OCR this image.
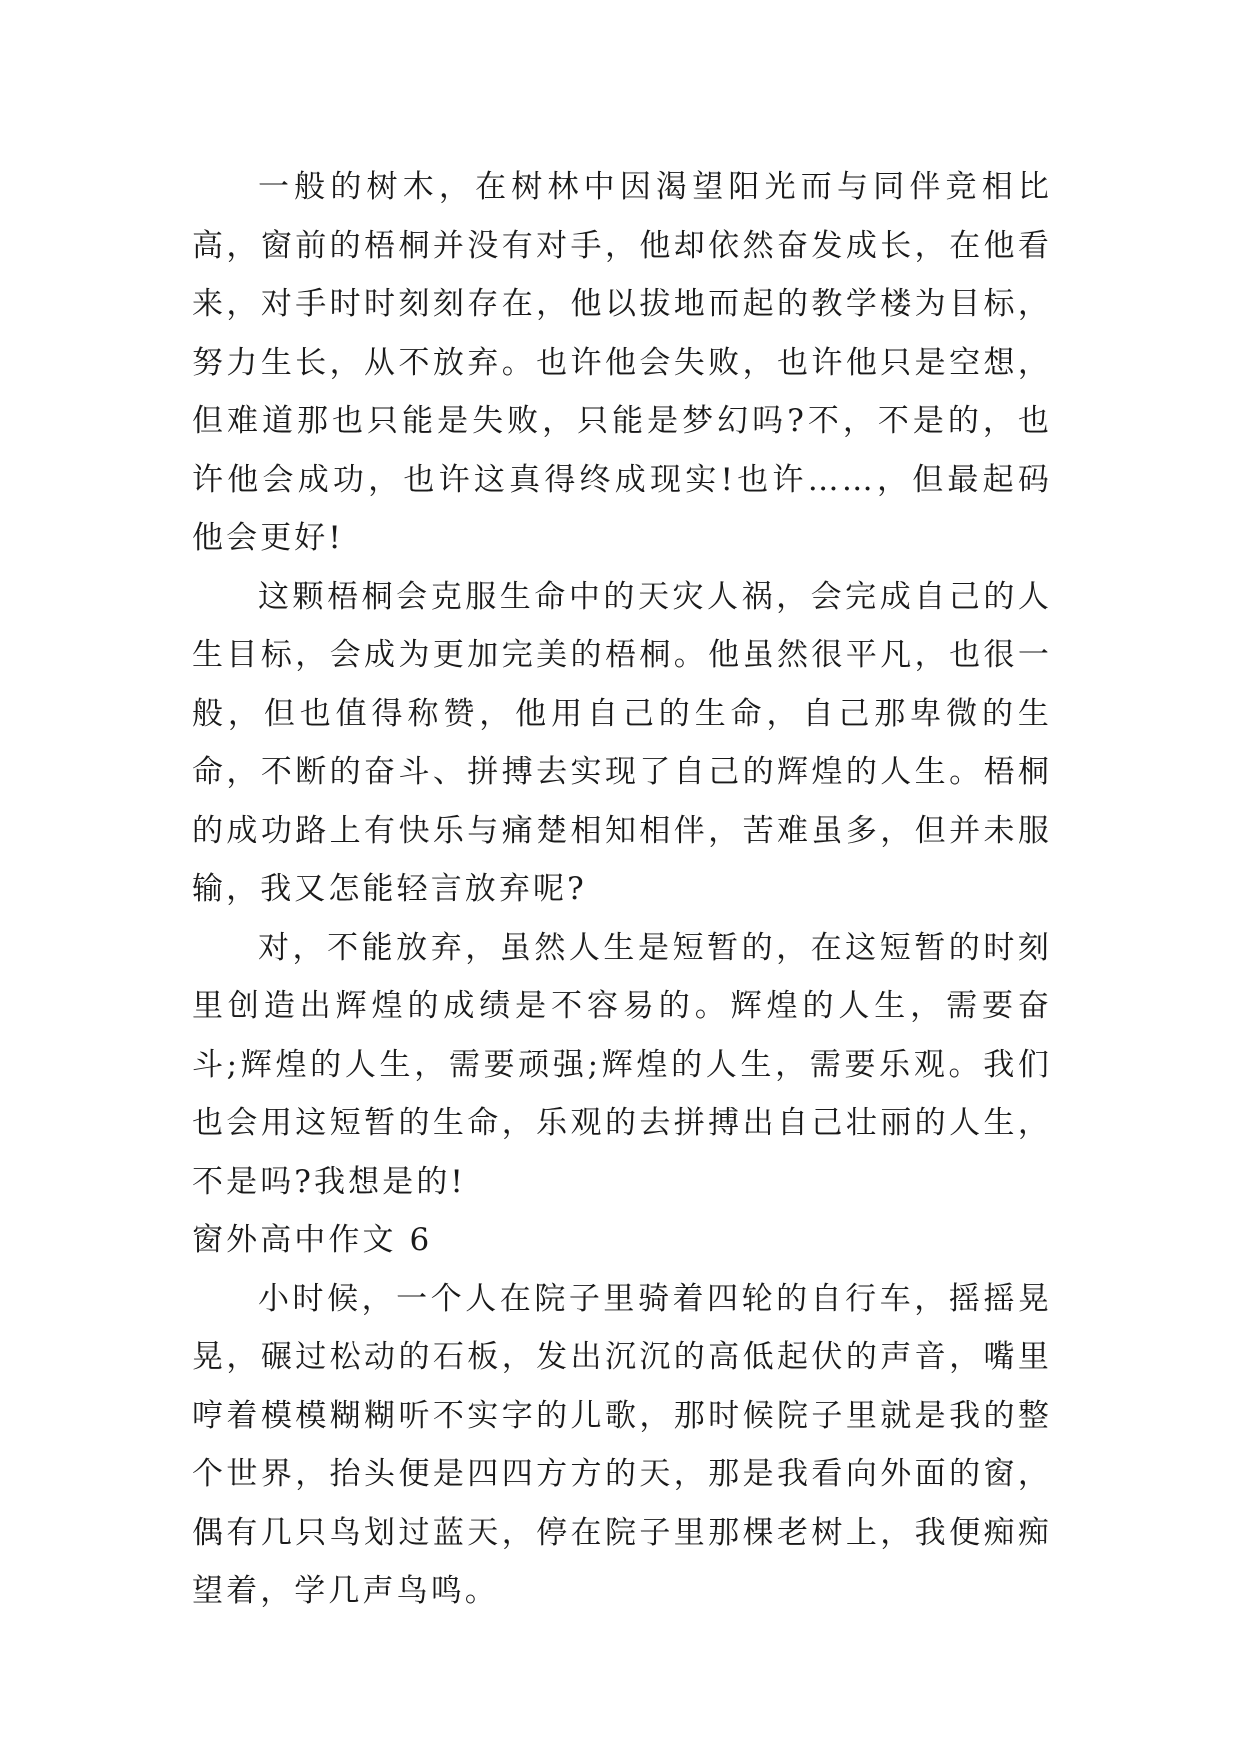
一般的树木，在树林中因渴望阳光而与同伴竞相比高，窗前的梧桐并没有对手，他却依然奋发成长，在他看来，对手时时刻刻存在，他以拔地而起的教学楼为目标，努力生长，从不放弃。也许他会失败，也许他只是空想，但难道那也只能是失败，只能是梦幻吗?不，不是的，也许他会成功，也许这真得终成现实!也许……，但最起码他会更好!

这颗梧桐会克服生命中的天灾人祸，会完成自己的人生目标，会成为更加完美的梧桐。他虽然很平凡，也很一般，但也值得称赞，他用自己的生命，自己那卑微的生命，不断的奋斗、拼搏去实现了自己的辉煌的人生。梧桐的成功路上有快乐与痛楚相知相伴，苦难虽多，但并未服输，我又怎能轻言放弃呢?

对，不能放弃，虽然人生是短暂的，在这短暂的时刻里创造出辉煌的成绩是不容易的。辉煌的人生，需要奋斗;辉煌的人生，需要顽强;辉煌的人生，需要乐观。我们也会用这短暂的生命，乐观的去拼搏出自己壮丽的人生，不是吗?我想是的!

窗外高中作文 6

小时候，一个人在院子里骑着四轮的自行车，摇摇晃晃，碾过松动的石板，发出沉沉的高低起伏的声音，嘴里哼着模模糊糊听不实字的儿歌，那时候院子里就是我的整个世界，抬头便是四四方方的天，那是我看向外面的窗，偶有几只鸟划过蓝天，停在院子里那棵老树上，我便痴痴望着，学几声鸟鸣。
